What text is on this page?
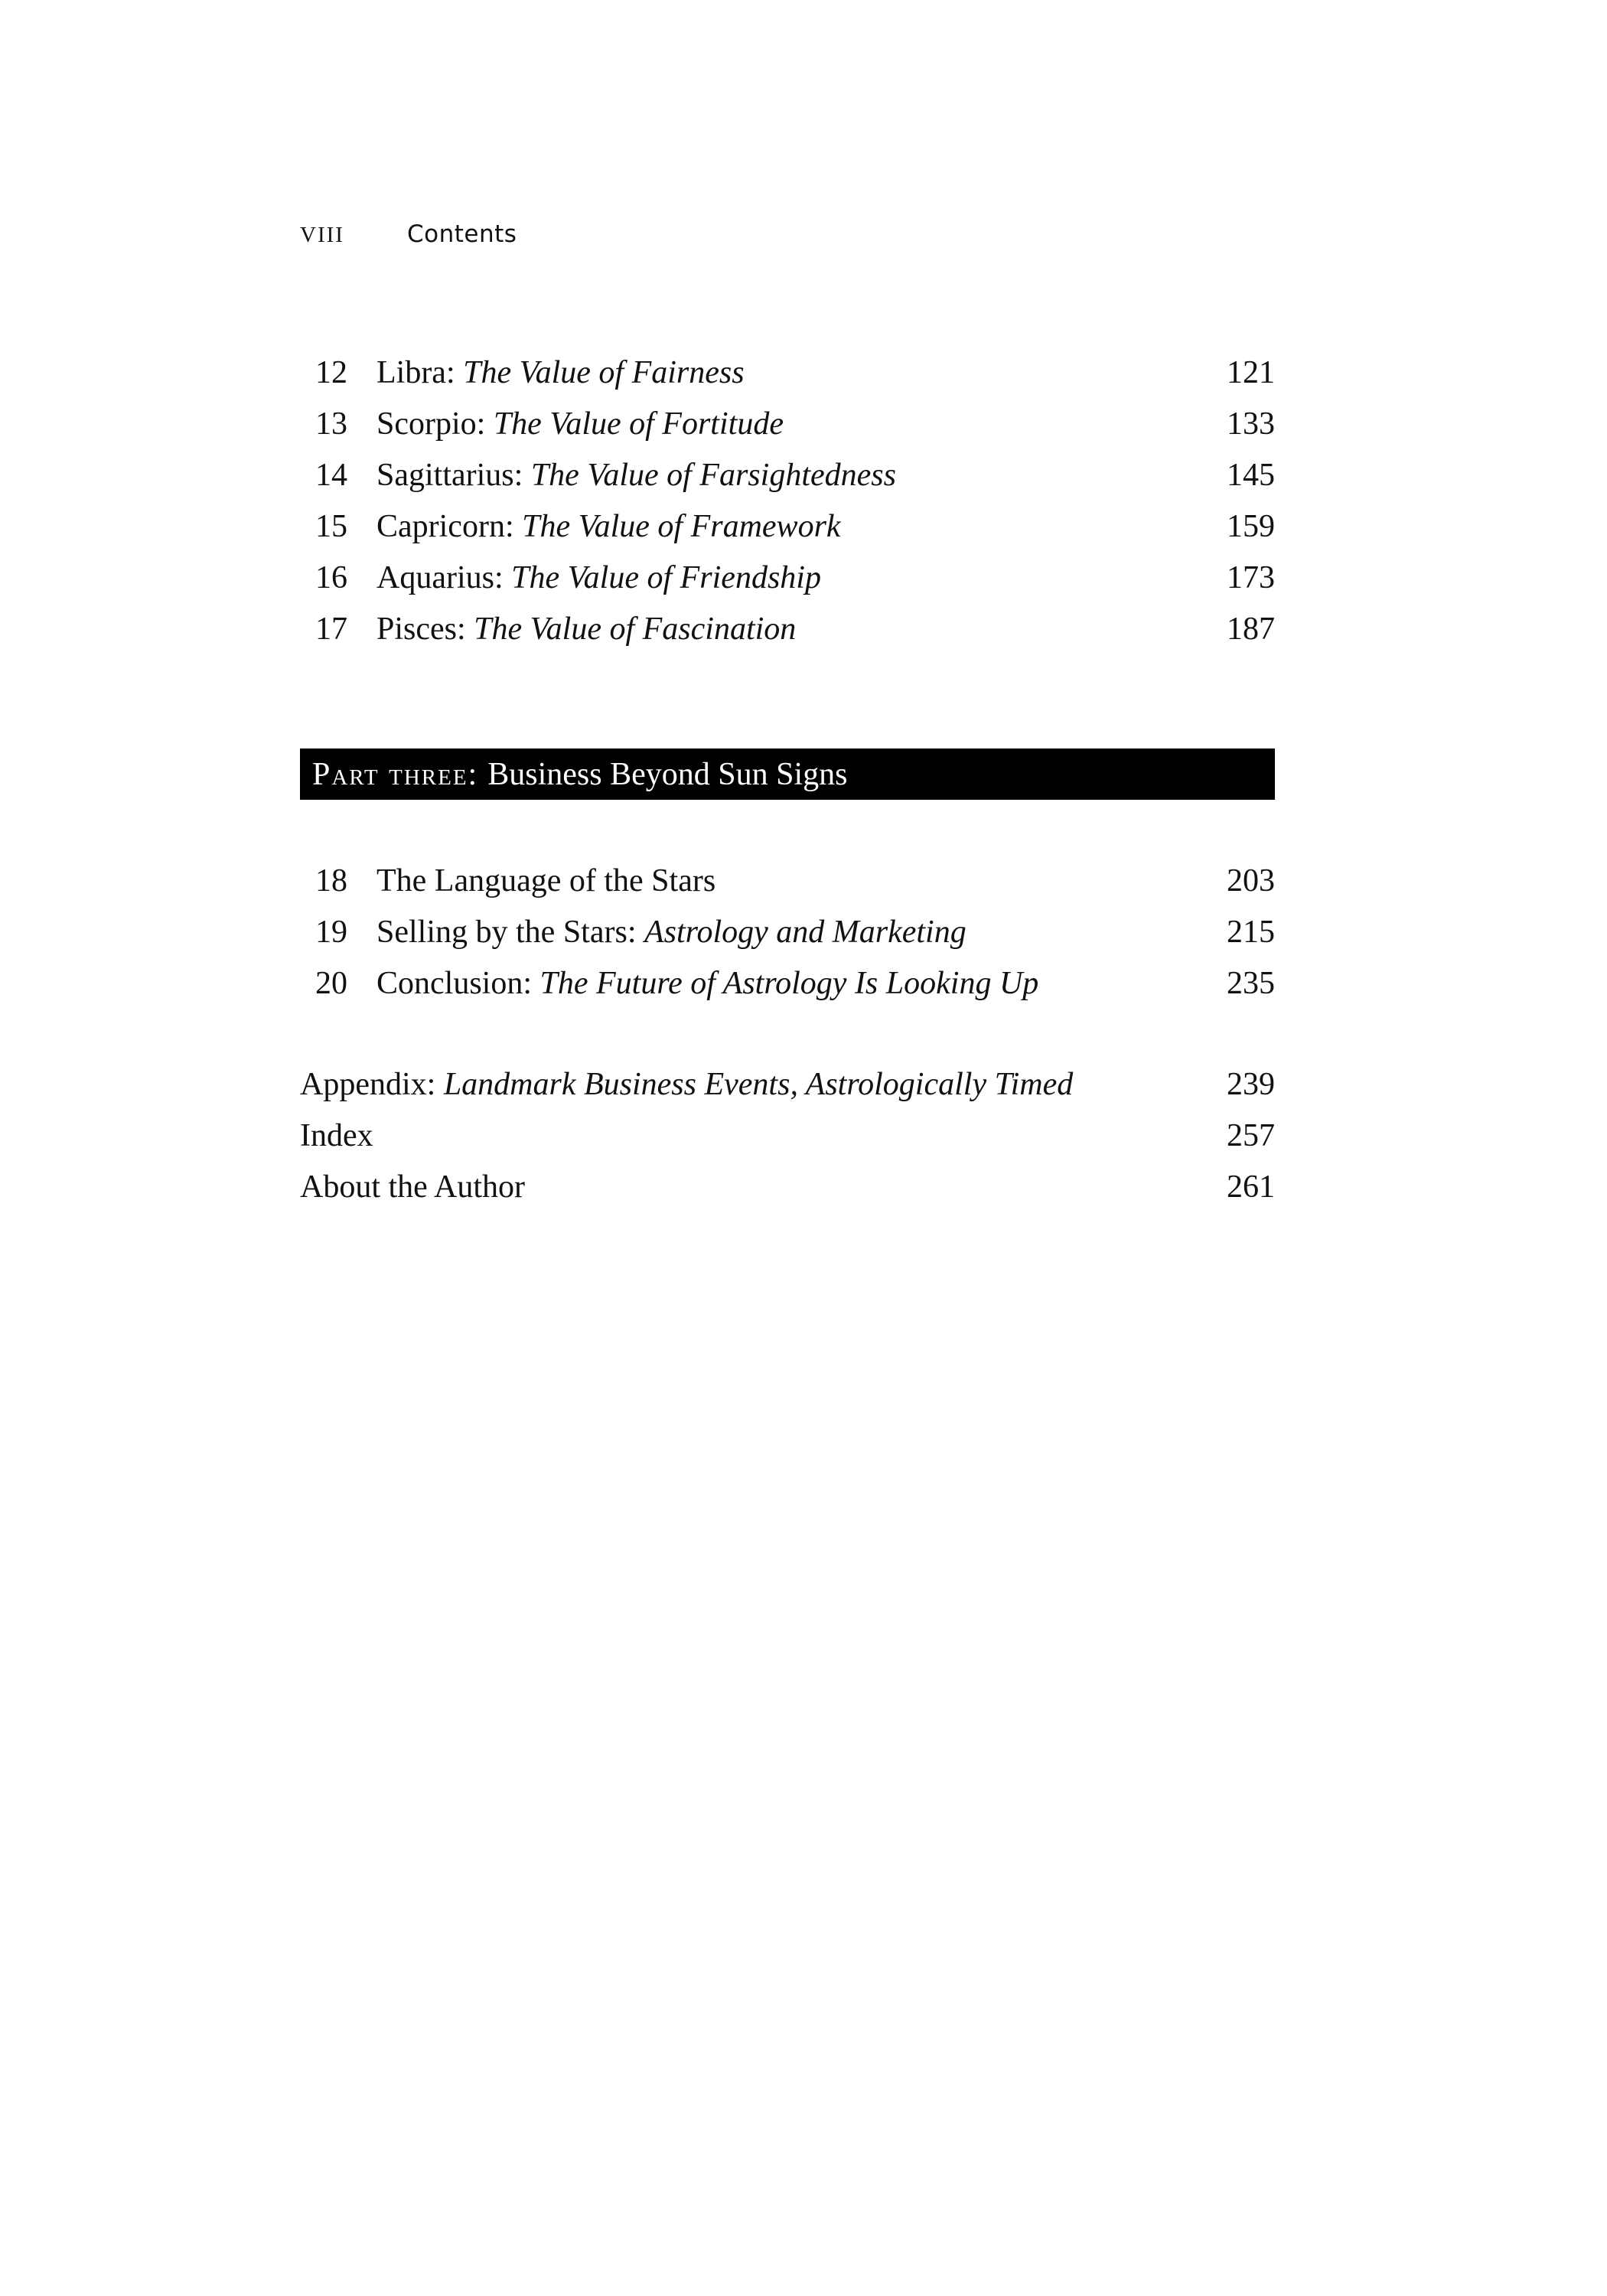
VIII	Contents
12 Libra: The Value of Fairness	121
13 Scorpio: The Value of Fortitude	133
14 Sagittarius: The Value of Farsightedness	145
15 Capricorn: The Value of Framework	159
16 Aquarius: The Value of Friendship	173
17 Pisces: The Value of Fascination	187
Part three: Business Beyond Sun Signs
18 The Language of the Stars	203
19 Selling by the Stars: Astrology and Marketing	215
20 Conclusion: The Future of Astrology Is Looking Up	235
Appendix: Landmark Business Events, Astrologically Timed	239
Index	257
About the Author	261
